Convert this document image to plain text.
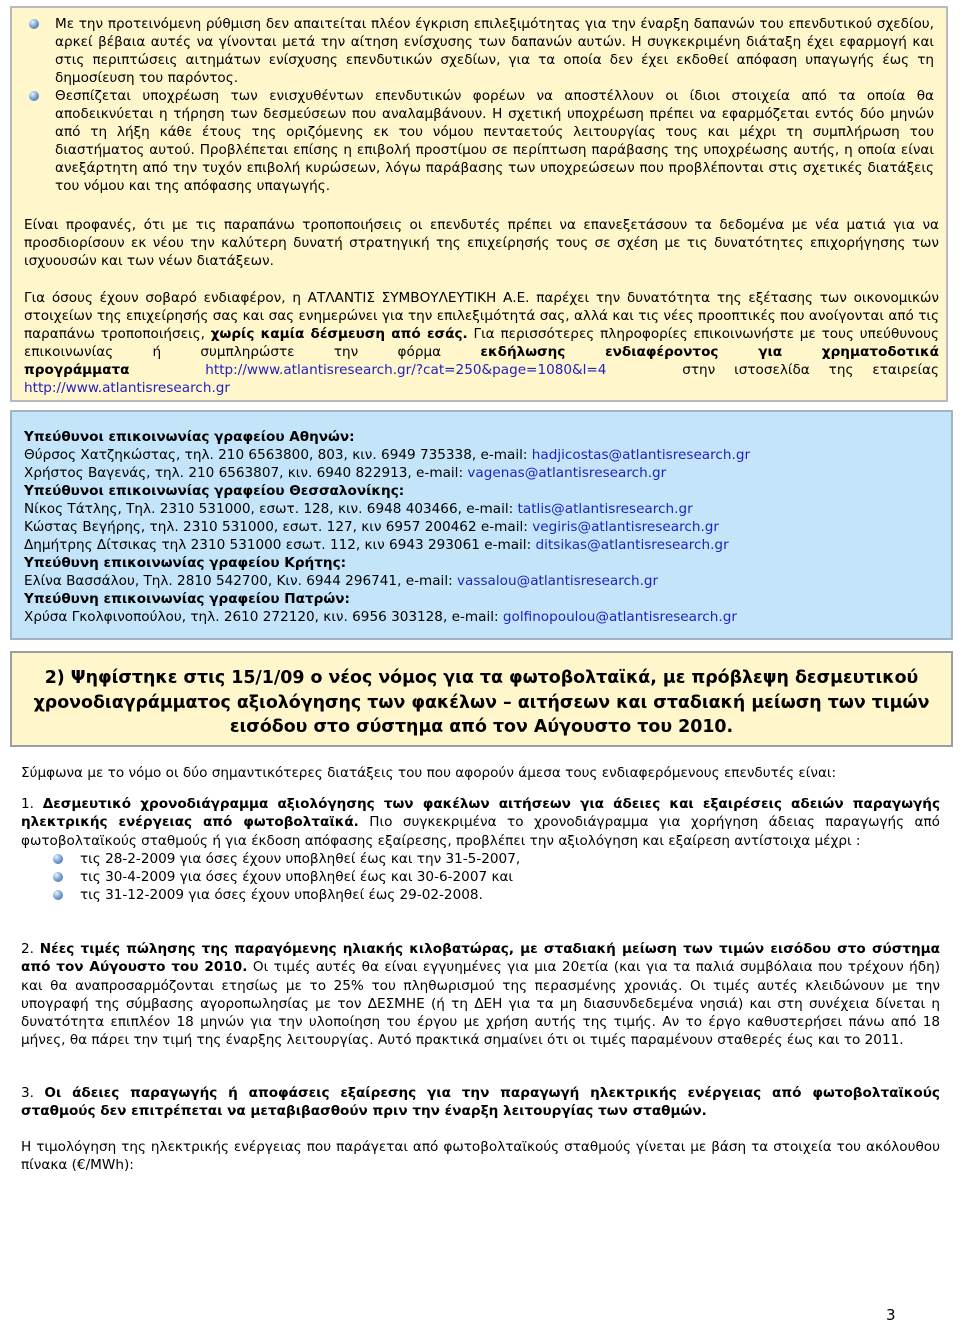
Με την προτεινόμενη ρύθμιση δεν απαιτείται πλέον έγκριση επιλεξιμότητας για την έναρξη δαπανών του επενδυτικού σχεδίου, αρκεί βέβαια αυτές να γίνονται μετά την αίτηση ενίσχυσης των δαπανών αυτών. Η συγκεκριμένη διάταξη έχει εφαρμογή και στις περιπτώσεις αιτημάτων ενίσχυσης επενδυτικών σχεδίων, για τα οποία δεν έχει εκδοθεί απόφαση υπαγωγής έως τη δημοσίευση του παρόντος.
Θεσπίζεται υποχρέωση των ενισχυθέντων επενδυτικών φορέων να αποστέλλουν οι ίδιοι στοιχεία από τα οποία θα αποδεικνύεται η τήρηση των δεσμεύσεων που αναλαμβάνουν. Η σχετική υποχρέωση πρέπει να εφαρμόζεται εντός δύο μηνών από τη λήξη κάθε έτους της οριζόμενης εκ του νόμου πενταετούς λειτουργίας τους και μέχρι τη συμπλήρωση του διαστήματος αυτού. Προβλέπεται επίσης η επιβολή προστίμου σε περίπτωση παράβασης της υποχρέωσης αυτής, η οποία είναι ανεξάρτητη από την τυχόν επιβολή κυρώσεων, λόγω παράβασης των υποχρεώσεων που προβλέπονται στις σχετικές διατάξεις του νόμου και της απόφασης υπαγωγής.
Είναι προφανές, ότι με τις παραπάνω τροποποιήσεις οι επενδυτές πρέπει να επανεξετάσουν τα δεδομένα με νέα ματιά για να προσδιορίσουν εκ νέου την καλύτερη δυνατή στρατηγική της επιχείρησής τους σε σχέση με τις δυνατότητες επιχορήγησης των ισχυουσών και των νέων διατάξεων.
Για όσους έχουν σοβαρό ενδιαφέρον, η ΑΤΛΑΝΤΙΣ ΣΥΜΒΟΥΛΕΥΤΙΚΗ Α.Ε. παρέχει την δυνατότητα της εξέτασης των οικονομικών στοιχείων της επιχείρησής σας και σας ενημερώνει για την επιλεξιμότητά σας, αλλά και τις νέες προοπτικές που ανοίγονται από τις παραπάνω τροποποιήσεις, χωρίς καμία δέσμευση από εσάς. Για περισσότερες πληροφορίες επικοινωνήστε με τους υπεύθυνους επικοινωνίας ή συμπληρώστε την φόρμα εκδήλωσης ενδιαφέροντος για χρηματοδοτικά προγράμματα	http://www.atlantisresearch.gr/?cat=250&page=1080&l=4	στην ιστοσελίδα της εταιρείας http://www.atlantisresearch.gr
Υπεύθυνοι επικοινωνίας γραφείου Αθηνών:
Θύρσος Χατζηκώστας, τηλ. 210 6563800, 803, κιν. 6949 735338, e-mail: hadjicostas@atlantisresearch.gr
Χρήστος Βαγενάς, τηλ. 210 6563807, κιν. 6940 822913, e-mail: vagenas@atlantisresearch.gr
Υπεύθυνοι επικοινωνίας γραφείου Θεσσαλονίκης:
Νίκος Τάτλης, Τηλ. 2310 531000, εσωτ. 128, κιν. 6948 403466, e-mail: tatlis@atlantisresearch.gr
Κώστας Βεγήρης, τηλ. 2310 531000, εσωτ. 127, κιν 6957 200462 e-mail: vegiris@atlantisresearch.gr
Δημήτρης Δίτσικας τηλ 2310 531000 εσωτ. 112, κιν 6943 293061 e-mail: ditsikas@atlantisresearch.gr
Υπεύθυνη επικοινωνίας γραφείου Κρήτης:
Ελίνα Βασσάλου, Τηλ. 2810 542700, Κιν. 6944 296741, e-mail: vassalou@atlantisresearch.gr
Υπεύθυνη επικοινωνίας γραφείου Πατρών:
Χρύσα Γκολφινοπούλου, τηλ. 2610 272120, κιν. 6956 303128, e-mail: golfinopoulou@atlantisresearch.gr
2) Ψηφίστηκε στις 15/1/09 ο νέος νόμος για τα φωτοβολταϊκά, με πρόβλεψη δεσμευτικού
χρονοδιαγράμματος αξιολόγησης των φακέλων – αιτήσεων και σταδιακή μείωση των τιμών
εισόδου στο σύστημα από τον Αύγουστο του 2010.
Σύμφωνα με το νόμο οι δύο σημαντικότερες διατάξεις του που αφορούν άμεσα τους ενδιαφερόμενους επενδυτές είναι:
1. Δεσμευτικό χρονοδιάγραμμα αξιολόγησης των φακέλων αιτήσεων για άδειες και εξαιρέσεις αδειών παραγωγής ηλεκτρικής ενέργειας από φωτοβολταϊκά. Πιο συγκεκριμένα το χρονοδιάγραμμα για χορήγηση άδειας παραγωγής από φωτοβολταϊκούς σταθμούς ή για έκδοση απόφασης εξαίρεσης, προβλέπει την αξιολόγηση και εξαίρεση αντίστοιχα μέχρι :
τις 28-2-2009 για όσες έχουν υποβληθεί έως και την 31-5-2007,
τις 30-4-2009 για όσες έχουν υποβληθεί έως και 30-6-2007 και
τις 31-12-2009 για όσες έχουν υποβληθεί έως 29-02-2008.
2. Νέες τιμές πώλησης της παραγόμενης ηλιακής κιλοβατώρας, με σταδιακή μείωση των τιμών εισόδου στο σύστημα από τον Αύγουστο του 2010. Οι τιμές αυτές θα είναι εγγυημένες για μια 20ετία (και για τα παλιά συμβόλαια που τρέχουν ήδη) και θα αναπροσαρμόζονται ετησίως με το 25% του πληθωρισμού της περασμένης χρονιάς. Οι τιμές αυτές κλειδώνουν με την υπογραφή της σύμβασης αγοροπωλησίας με τον ΔΕΣΜΗΕ (ή τη ΔΕΗ για τα μη διασυνδεδεμένα νησιά) και στη συνέχεια δίνεται η δυνατότητα επιπλέον 18 μηνών για την υλοποίηση του έργου με χρήση αυτής της τιμής. Αν το έργο καθυστερήσει πάνω από 18 μήνες, θα πάρει την τιμή της έναρξης λειτουργίας. Αυτό πρακτικά σημαίνει ότι οι τιμές παραμένουν σταθερές έως και το 2011.
3. Οι άδειες παραγωγής ή αποφάσεις εξαίρεσης για την παραγωγή ηλεκτρικής ενέργειας από φωτοβολταϊκούς σταθμούς δεν επιτρέπεται να μεταβιβασθούν πριν την έναρξη λειτουργίας των σταθμών.
Η τιμολόγηση της ηλεκτρικής ενέργειας που παράγεται από φωτοβολταϊκούς σταθμούς γίνεται με βάση τα στοιχεία του ακόλουθου πίνακα (€/MWh):
3
